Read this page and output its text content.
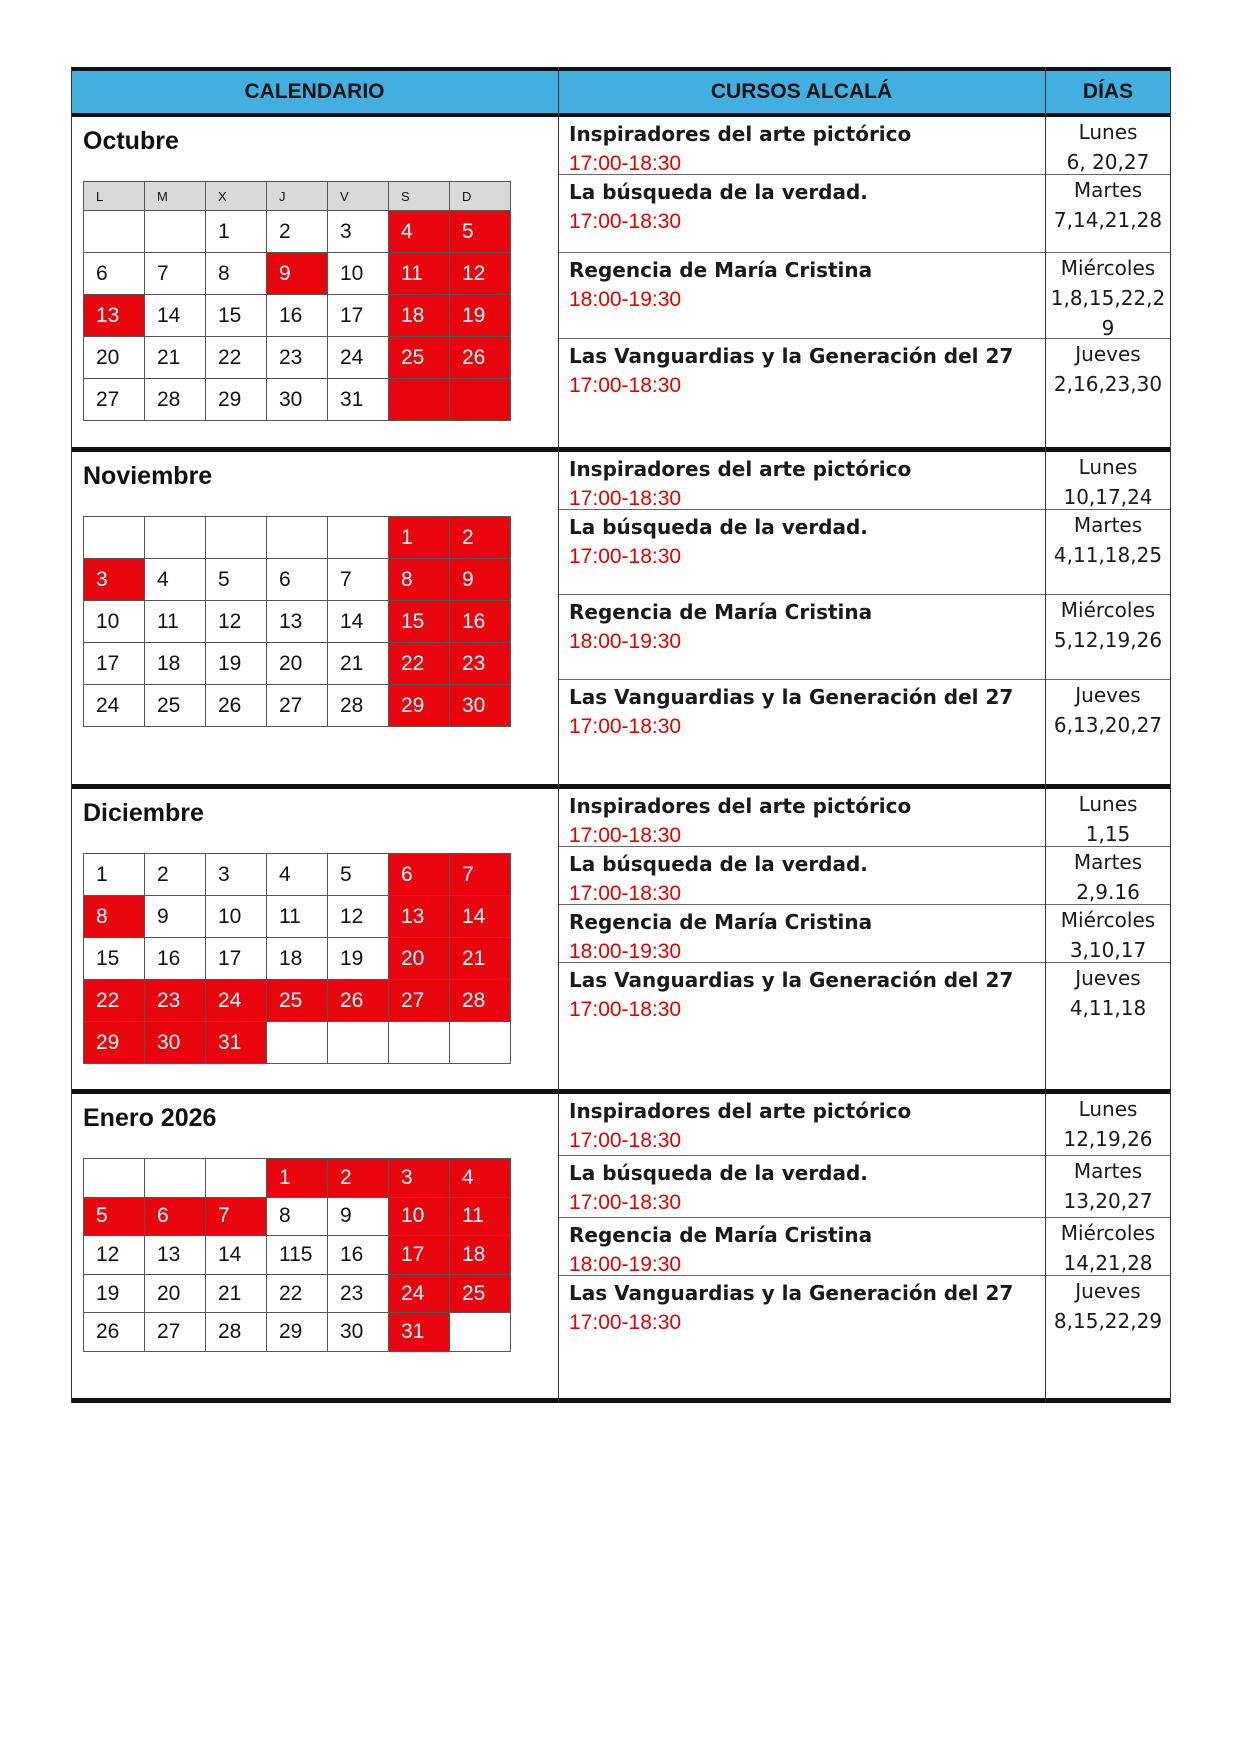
CALENDARIO	CURSOS ALCALÁ	DÍAS
Octubre
L	M	X	J	V	S	D
		1	2	3	4	5
6	7	8	9	10	11	12
13	14	15	16	17	18	19
20	21	22	23	24	25	26
27	28	29	30	31		
Inspiradores del arte pictórico
17:00-18:30
Lunes
6, 20,27
La búsqueda de la verdad.
17:00-18:30
Martes
7,14,21,28
Regencia de María Cristina
18:00-19:30
Miércoles
1,8,15,22,29
Las Vanguardias y la Generación del 27
17:00-18:30
Jueves
2,16,23,30
Noviembre
					1	2
3	4	5	6	7	8	9
10	11	12	13	14	15	16
17	18	19	20	21	22	23
24	25	26	27	28	29	30
Inspiradores del arte pictórico
17:00-18:30
Lunes
10,17,24
La búsqueda de la verdad.
17:00-18:30
Martes
4,11,18,25
Regencia de María Cristina
18:00-19:30
Miércoles
5,12,19,26
Las Vanguardias y la Generación del 27
17:00-18:30
Jueves
6,13,20,27
Diciembre
1	2	3	4	5	6	7
8	9	10	11	12	13	14
15	16	17	18	19	20	21
22	23	24	25	26	27	28
29	30	31				
Inspiradores del arte pictórico
17:00-18:30
Lunes
1,15
La búsqueda de la verdad.
17:00-18:30
Martes
2,9.16
Regencia de María Cristina
18:00-19:30
Miércoles
3,10,17
Las Vanguardias y la Generación del 27
17:00-18:30
Jueves
4,11,18
Enero 2026
			1	2	3	4
5	6	7	8	9	10	11
12	13	14	115	16	17	18
19	20	21	22	23	24	25
26	27	28	29	30	31	
Inspiradores del arte pictórico
17:00-18:30
Lunes
12,19,26
La búsqueda de la verdad.
17:00-18:30
Martes
13,20,27
Regencia de María Cristina
18:00-19:30
Miércoles
14,21,28
Las Vanguardias y la Generación del 27
17:00-18:30
Jueves
8,15,22,29
